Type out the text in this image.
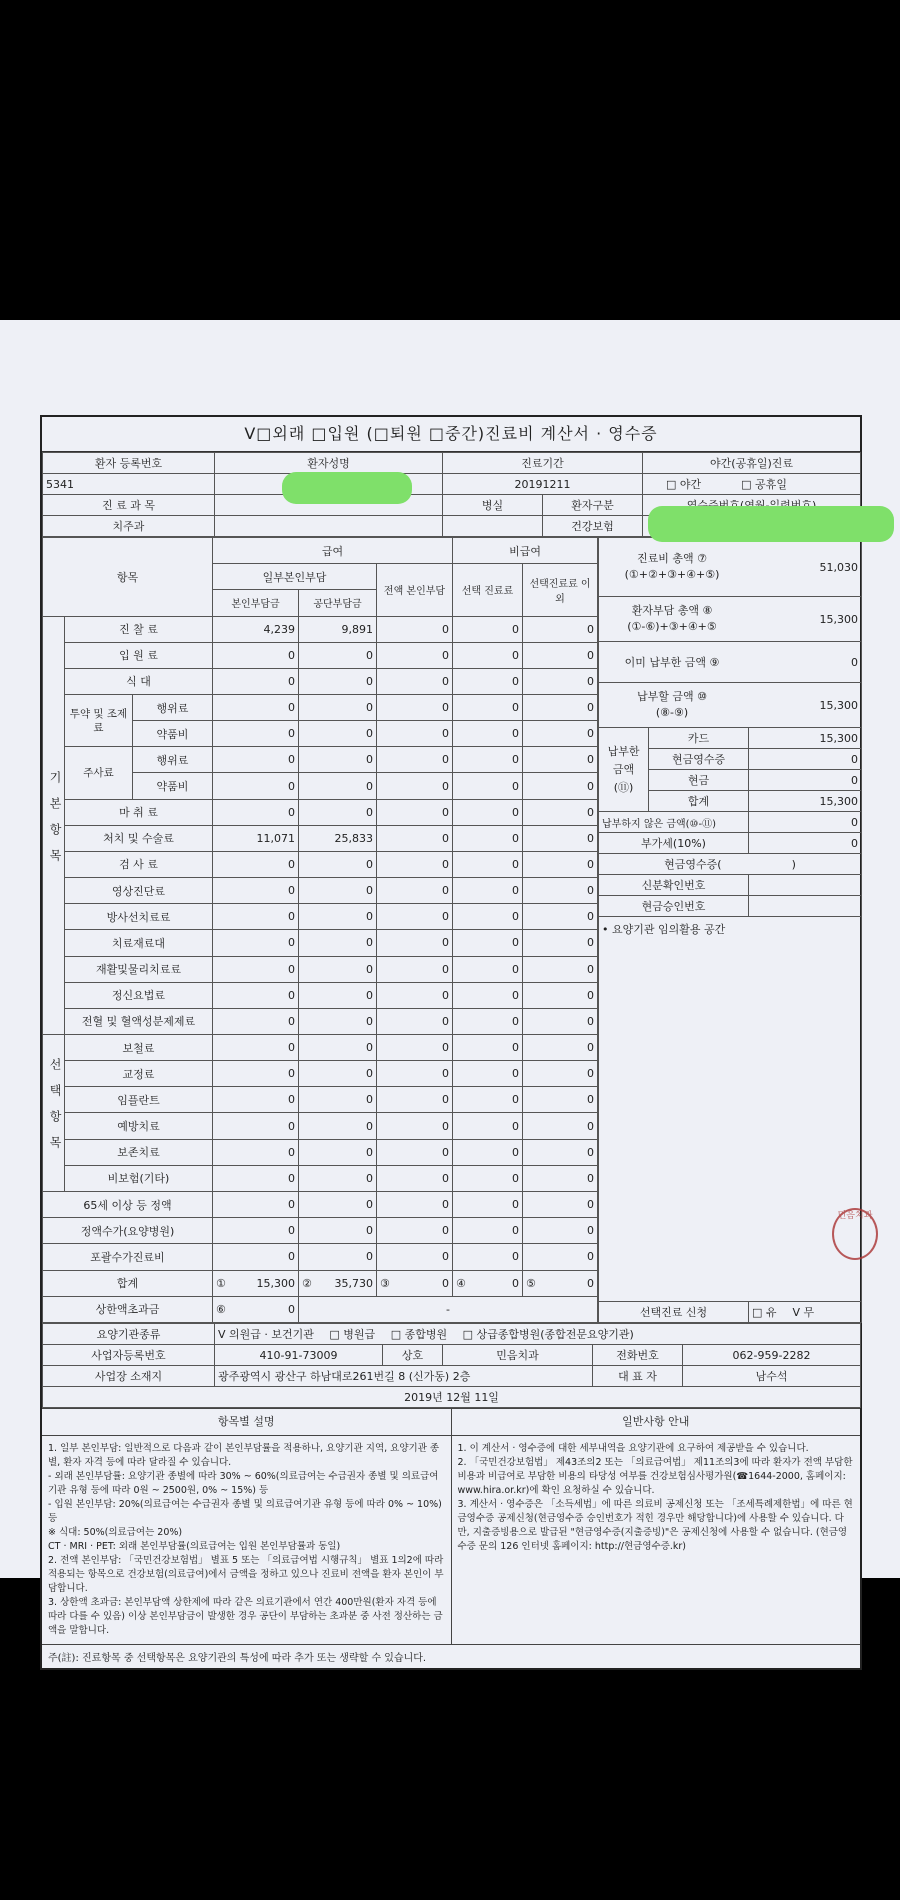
V□외래 □입원 (□퇴원 □중간)진료비 계산서 · 영수증
환자 등록번호	환자성명	진료기간		야간(공휴일)진료
5341		20191211		□ 야간 □ 공휴일
진 료 과 목		병실	환자구분	
치주과			건강보험	
항목			급여			비급여	
			일부본인부담		전액 본인부담	선택 진료료	선택진료료 이외
			본인부담금	공단부담금			
기본항목	진 찰 료		4,239	9,891	0	0	0
	입 원 료		0	0	0	0	0
	식 대		0	0	0	0	0
	투약 및 조제료	행위료	0	0	0	0	0
		약품비	0	0	0	0	0
	주사료	행위료	0	0	0	0	0
		약품비	0	0	0	0	0
	마 취 료		0	0	0	0	0
	처치 및 수술료		11,071	25,833	0	0	0
	검 사 료		0	0	0	0	0
	영상진단료		0	0	0	0	0
	방사선치료료		0	0	0	0	0
	치료재료대		0	0	0	0	0
	재활및물리치료료		0	0	0	0	0
	정신요법료		0	0	0	0	0
	전혈 및 혈액성분제제료		0	0	0	0	0
선택항목	보철료		0	0	0	0	0
	교정료		0	0	0	0	0
	임플란트		0	0	0	0	0
	예방치료		0	0	0	0	0
	보존치료		0	0	0	0	0
	비보험(기타)		0	0	0	0	0
65세 이상 등 정액			0	0	0	0	0
정액수가(요양병원)			0	0	0	0	0
포괄수가진료비			0	0	0	0	0
합계			① 15,300	② 35,730	③ 0	④ 0	⑤ 0

상한액초과금			⑥ 0	-			
진료비 총액 ⑦
(①+②+③+④+⑤)
51,030		

환자부담 총액 ⑧
(①-⑥)+③+④+⑤
15,300		

이미 납부한 금액 ⑨ 0		

납부할 금액 ⑩
(⑧-⑨)
15,300		

납부한 금액
(⑪)	카드	15,300
	현금영수증	0
	현금	0
	합계	15,300
납부하지 않은 금액(⑩-⑪)		0
부가세(10%)		0
현금영수증( )		
신분확인번호		
현금승인번호		
• 요양기관 임의활용 공간		
선택진료 신청		□ 유 V 무
요양기관종류	V 의원급 · 보건기관 □ 병원급 □ 종합병원 □ 상급종합병원(종합전문요양기관)				
사업자등록번호	410-91-73009	상호	민음치과	전화번호	062-959-2282
사업장 소재지	광주광역시 광산구 하남대로261번길 8 (신가동) 2층			대 표 자	남수석
2019년 12월 11일					
항목별 설명
1. 일부 본인부담: 일반적으로 다음과 같이 본인부담률을 적용하나, 요양기관 지역, 요양기관 종별, 환자 자격 등에 따라 달라질 수 있습니다.
- 외래 본인부담률: 요양기관 종별에 따라 30% ~ 60%(의료급여는 수급권자 종별 및 의료급여기관 유형 등에 따라 0원 ~ 2500원, 0% ~ 15%) 등
- 입원 본인부담: 20%(의료급여는 수급권자 종별 및 의료급여기관 유형 등에 따라 0% ~ 10%) 등
※ 식대: 50%(의료급여는 20%)
CT · MRI · PET: 외래 본인부담률(의료급여는 입원 본인부담률과 동일)
2. 전액 본인부담: 「국민건강보험법」 별표 5 또는 「의료급여법 시행규칙」 별표 1의2에 따라 적용되는 항목으로 건강보험(의료급여)에서 금액을 정하고 있으나 진료비 전액을 환자 본인이 부담합니다.
3. 상한액 초과금: 본인부담액 상한제에 따라 같은 의료기관에서 연간 400만원(환자 자격 등에 따라 다를 수 있음) 이상 본인부담금이 발생한 경우 공단이 부담하는 초과분 중 사전 정산하는 금액을 말합니다.
일반사항 안내
1. 이 계산서 · 영수증에 대한 세부내역을 요양기관에 요구하여 제공받을 수 있습니다.
2. 「국민건강보험법」 제43조의2 또는 「의료급여법」 제11조의3에 따라 환자가 전액 부담한 비용과 비급여로 부담한 비용의 타당성 여부를 건강보험심사평가원(☎1644-2000, 홈페이지: www.hira.or.kr)에 확인 요청하실 수 있습니다.
3. 계산서 · 영수증은 「소득세법」에 따른 의료비 공제신청 또는 「조세특례제한법」에 따른 현금영수증 공제신청(현금영수증 승인번호가 적힌 경우만 해당합니다)에 사용할 수 있습니다. 다만, 지출증빙용으로 발급된 "현금영수증(지출증빙)"은 공제신청에 사용할 수 없습니다. (현금영수증 문의 126 인터넷 홈페이지: http://현금영수증.kr)
주(註): 진료항목 중 선택항목은 요양기관의 특성에 따라 추가 또는 생략할 수 있습니다.
민음치과
